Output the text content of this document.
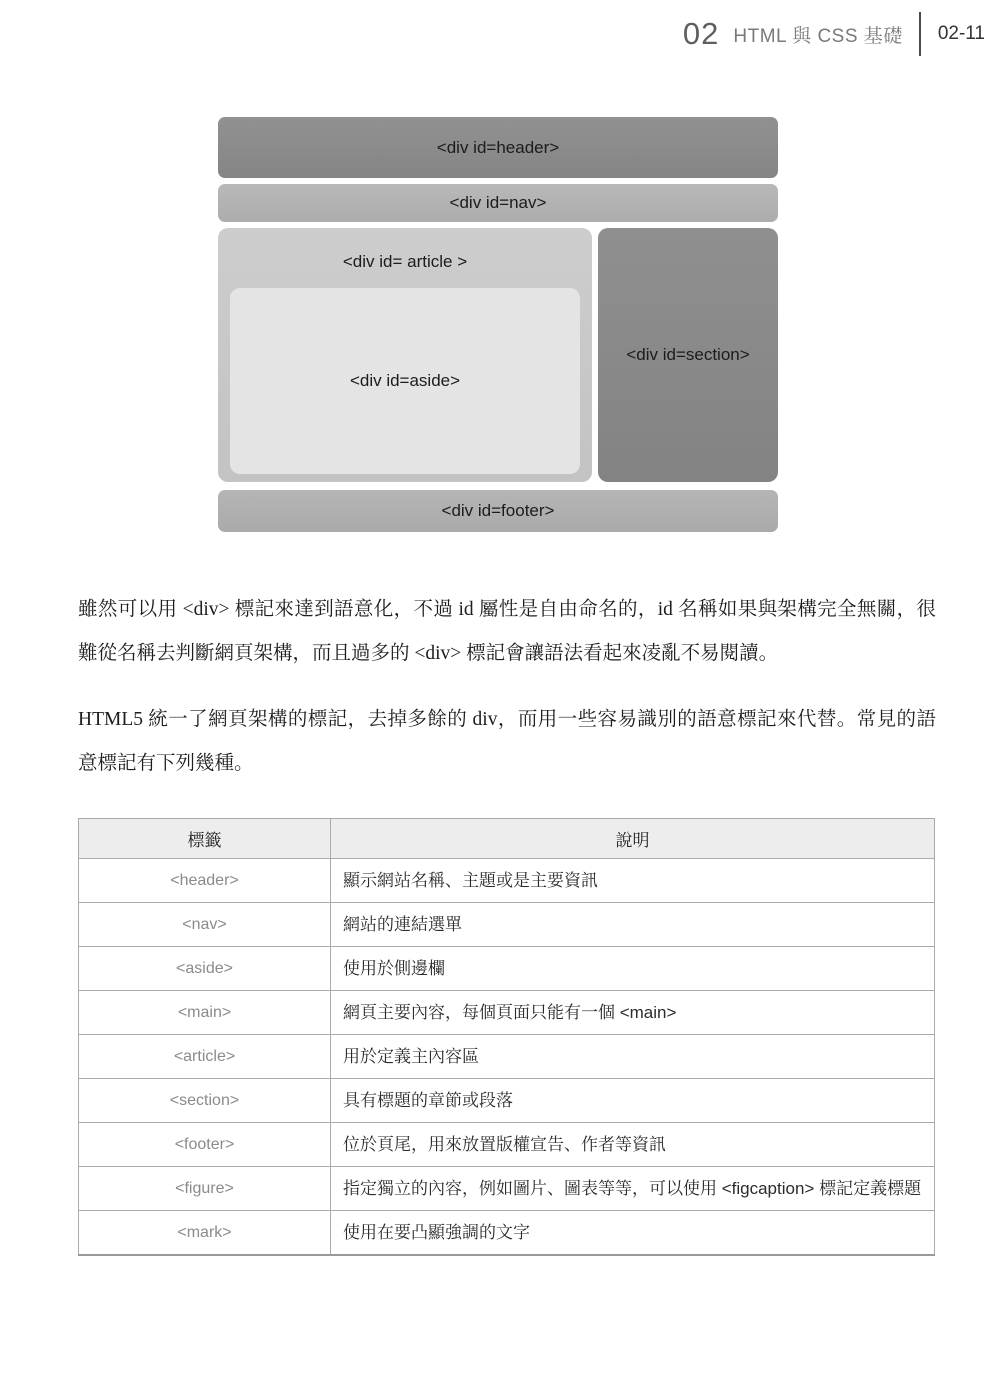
02 HTML 與 CSS 基礎 02-11
<div id=header>
<div id=nav>
<div id= article >
<div id=aside>
<div id=section>
<div id=footer>

雖然可以用 <div> 標記來達到語意化，不過 id 屬性是自由命名的，id 名稱如果與架構完全無關，很難從名稱去判斷網頁架構，而且過多的 <div> 標記會讓語法看起來凌亂不易閱讀。

HTML5 統一了網頁架構的標記，去掉多餘的 div，而用一些容易識別的語意標記來代替。常見的語意標記有下列幾種。

標籤	說明
<header>	顯示網站名稱、主題或是主要資訊
<nav>	網站的連結選單
<aside>	使用於側邊欄
<main>	網頁主要內容，每個頁面只能有一個 <main>
<article>	用於定義主內容區
<section>	具有標題的章節或段落
<footer>	位於頁尾，用來放置版權宣告、作者等資訊
<figure>	指定獨立的內容，例如圖片、圖表等等，可以使用 <figcaption> 標記定義標題
<mark>	使用在要凸顯強調的文字
